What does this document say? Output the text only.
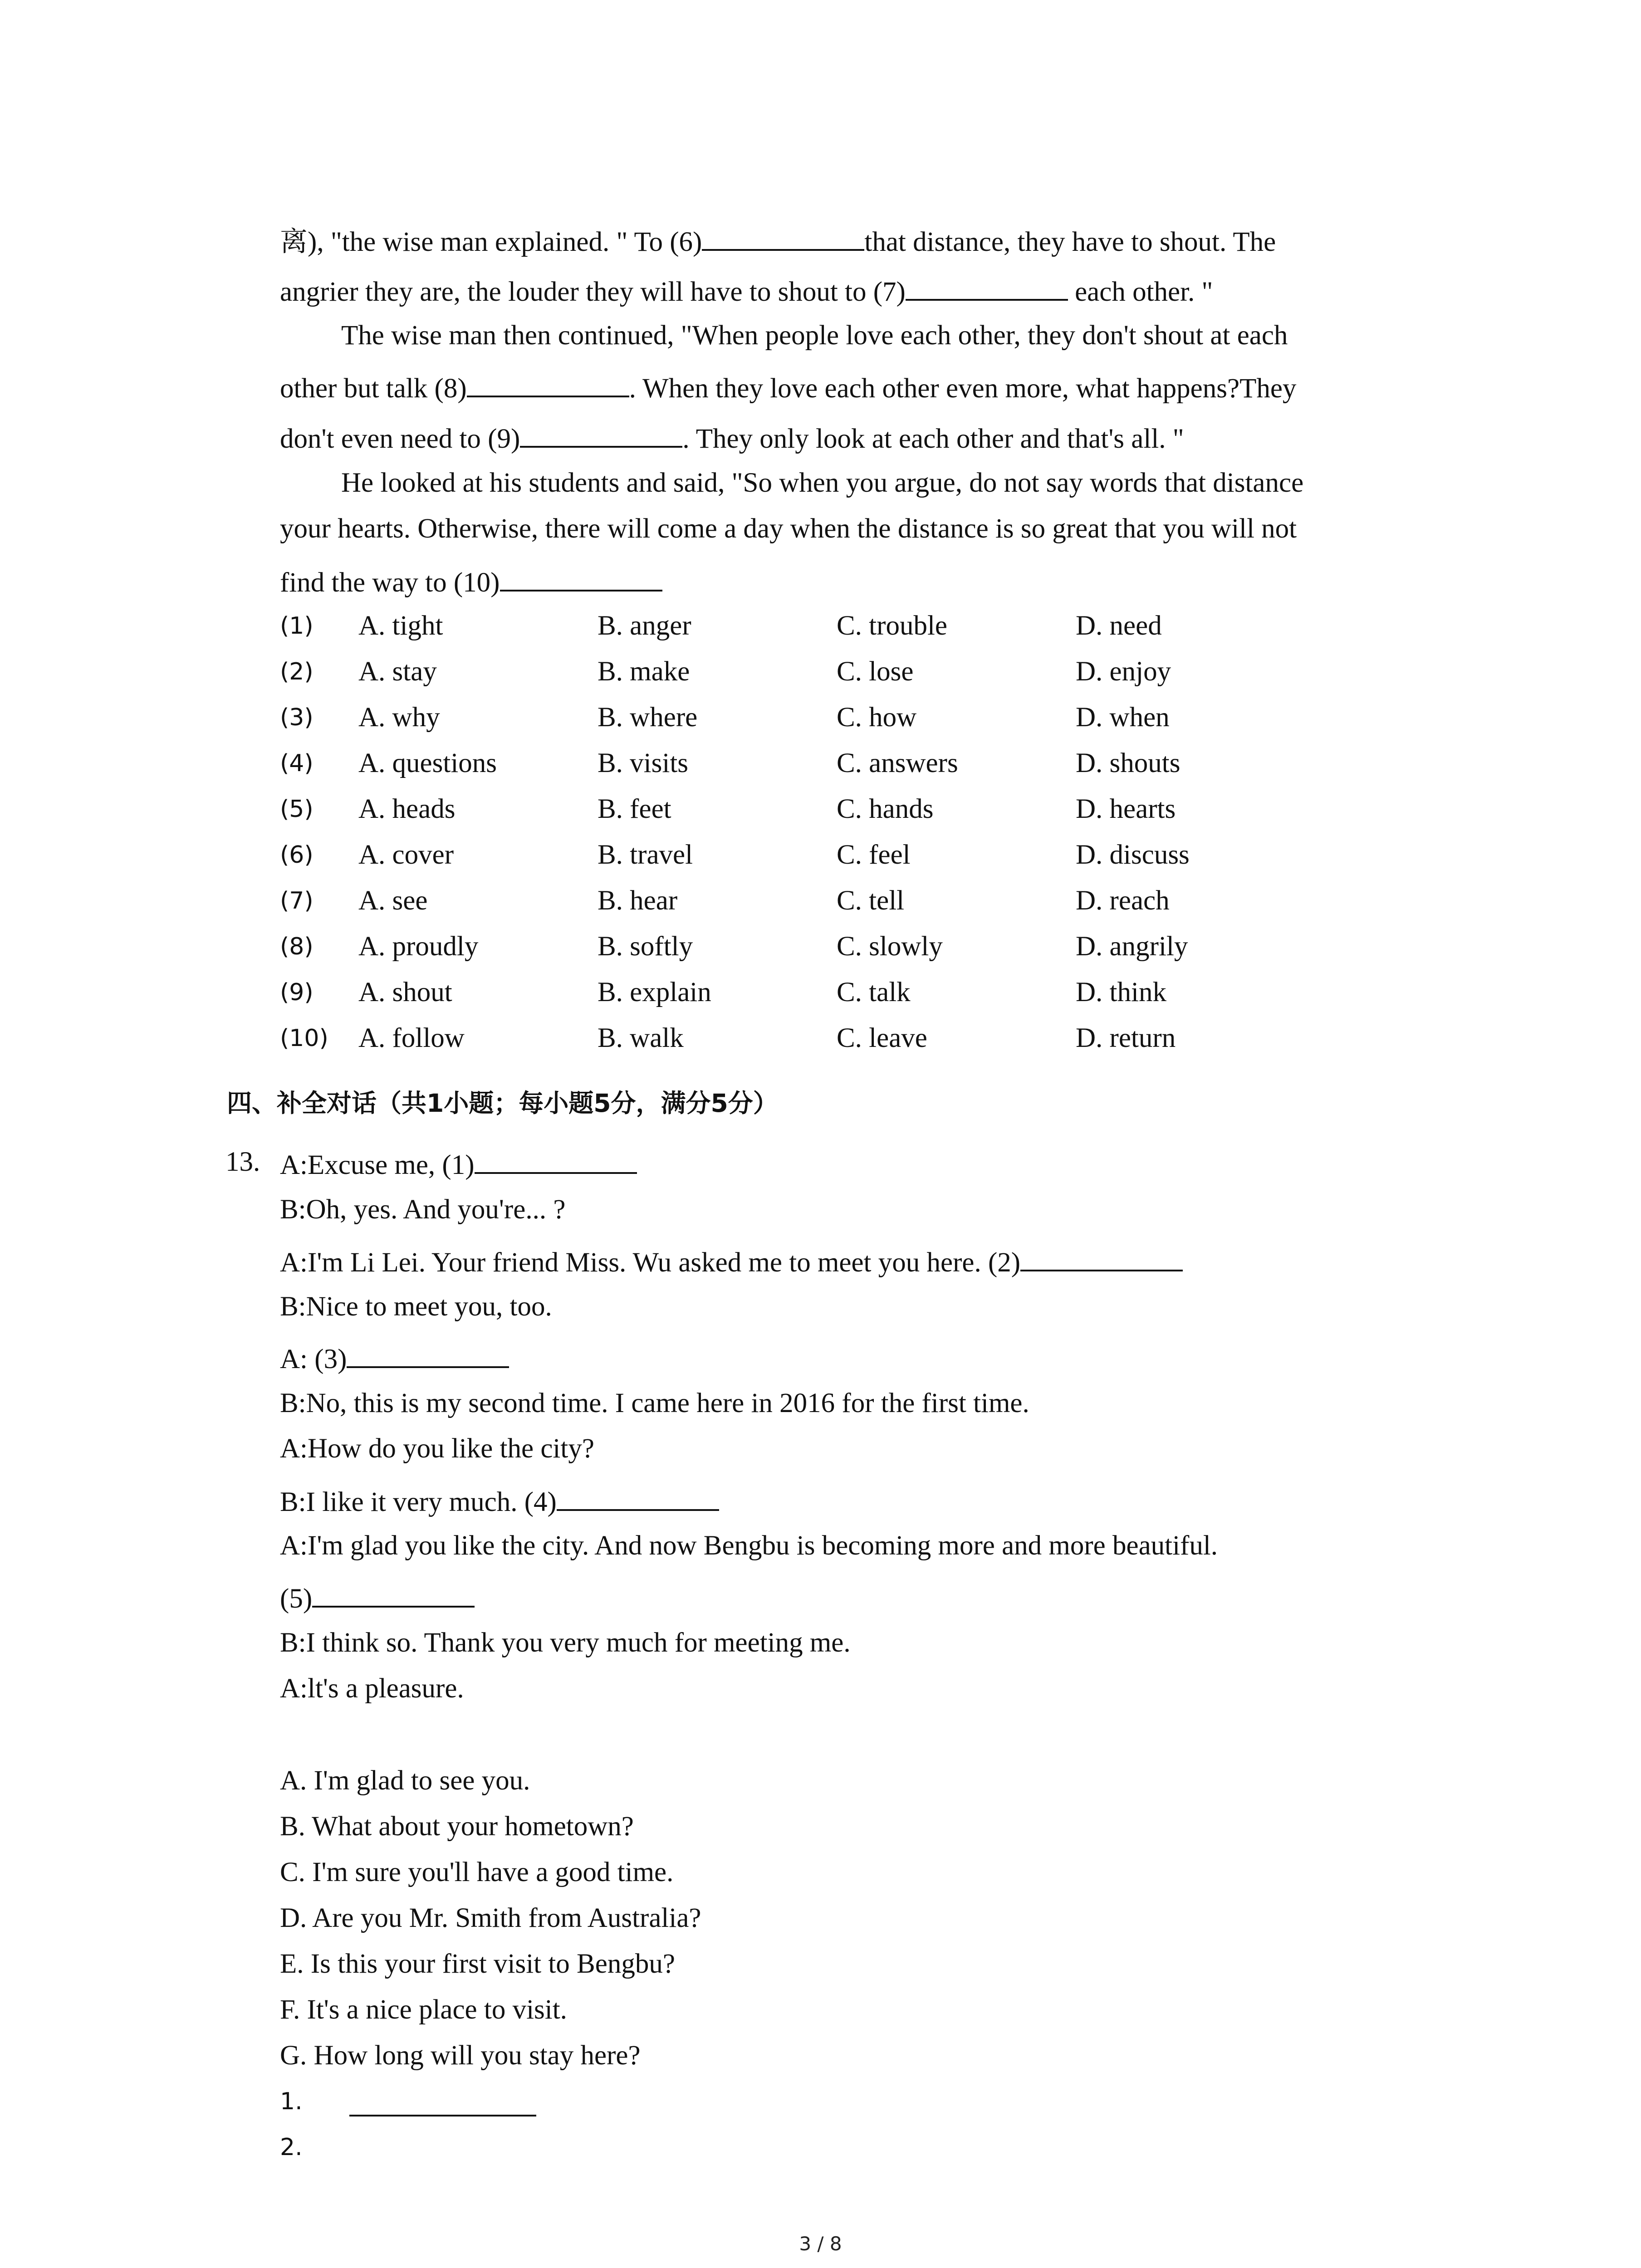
离), "the wise man explained. " To (6)	that distance, they have to shout. The
angrier they are, the louder they will have to shout to (7)	each other. "
The wise man then continued, "When people love each other, they don't shout at each
other but talk (8)	. When they love each other even more, what happens?They
don't even need to (9)	. They only look at each other and that's all. "
He looked at his students and said, "So when you argue, do not say words that distance
your hearts. Otherwise, there will come a day when the distance is so great that you will not
find the way to (10)
(1)	A. tight	B. anger	C. trouble	D. need
(2)	A. stay	B. make	C. lose	D. enjoy
(3)	A. why	B. where	C. how	D. when
(4)	A. questions	B. visits	C. answers	D. shouts
(5)	A. heads	B. feet	C. hands	D. hearts
(6)	A. cover	B. travel	C. feel	D. discuss
(7)	A. see	B. hear	C. tell	D. reach
(8)	A. proudly	B. softly	C. slowly	D. angrily
(9)	A. shout	B. explain	C. talk	D. think
(10)	A. follow	B. walk	C. leave	D. return
四、补全对话（共1小题；每小题5分，满分5分）
13. A:Excuse me, (1)
B:Oh, yes. And you're... ?
A:I'm Li Lei. Your friend Miss. Wu asked me to meet you here. (2)
B:Nice to meet you, too.
A: (3)
B:No, this is my second time. I came here in 2016 for the first time.
A:How do you like the city?
B:I like it very much. (4)
A:I'm glad you like the city. And now Bengbu is becoming more and more beautiful.
(5)
B:I think so. Thank you very much for meeting me.
A:lt's a pleasure.
A. I'm glad to see you.
B. What about your hometown?
C. I'm sure you'll have a good time.
D. Are you Mr. Smith from Australia?
E. Is this your first visit to Bengbu?
F. It's a nice place to visit.
G. How long will you stay here?
1.
2.
3 / 8
